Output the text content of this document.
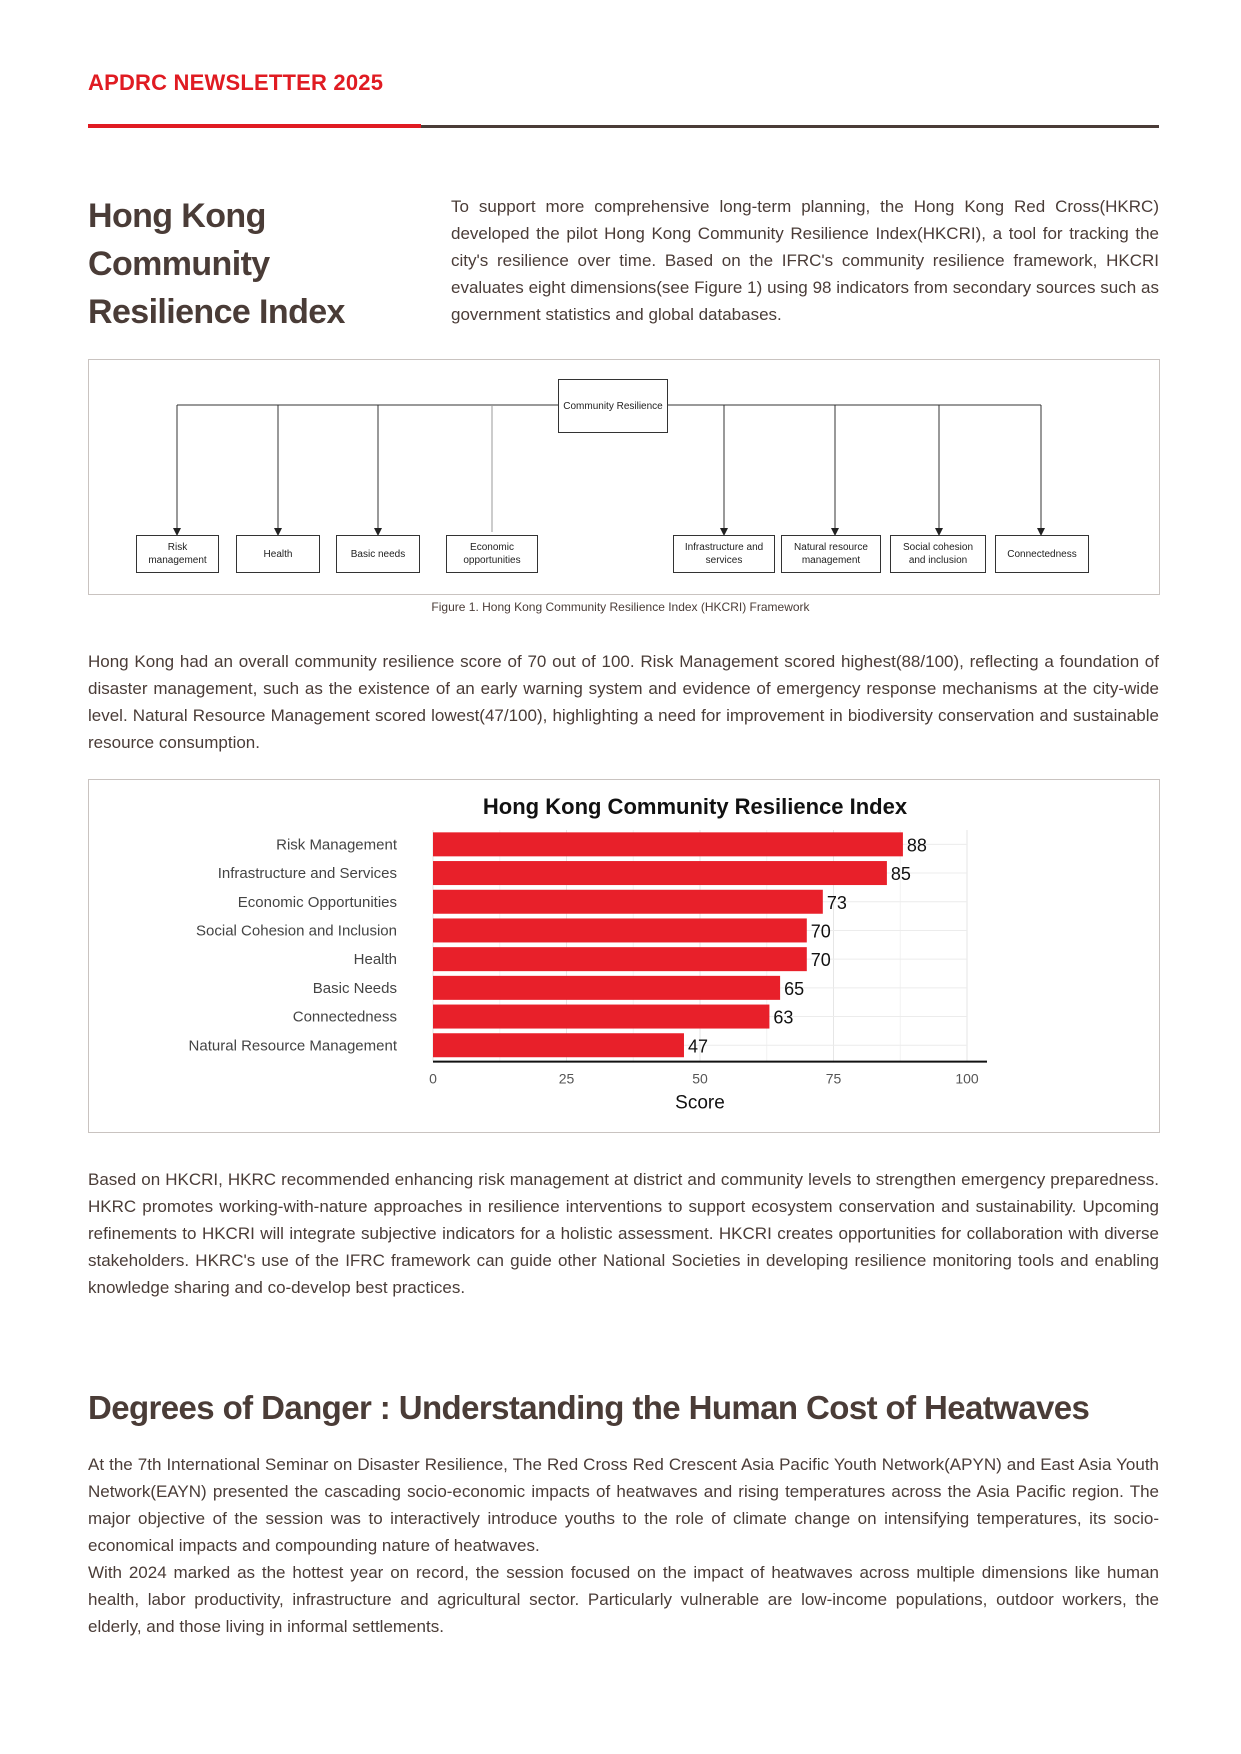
APDRC NEWSLETTER 2025
Hong Kong Community
Resilience Index

To support more comprehensive long-term planning, the Hong Kong Red Cross(HKRC) developed the pilot Hong Kong Community Resilience Index(HKCRI), a tool for tracking the city's resilience over time. Based on the IFRC's community resilience framework, HKCRI evaluates eight dimensions(see Figure 1) using 98 indicators from secondary sources such as government statistics and global databases.

Community Resilience
Risk management
Health	Basic needs
Economic opportunities
Infrastructure and services
Natural resource management
Social cohesion and inclusion
Connectedness
Figure 1. Hong Kong Community Resilience Index (HKCRI) Framework

Hong Kong had an overall community resilience score of 70 out of 100. Risk Management scored highest(88/100), reflecting a foundation of disaster management, such as the existence of an early warning system and evidence of emergency response mechanisms at the city-wide level. Natural Resource Management scored lowest(47/100), highlighting a need for improvement in biodiversity conservation and sustainable resource consumption.

Hong Kong Community Resilience Index
0	25	50	75	100
Risk Management	88
Infrastructure and Services	85
Economic Opportunities	73
Social Cohesion and Inclusion	70
Health	70
Basic Needs	65
Connectedness	63
Natural Resource Management	47
Score

Based on HKCRI, HKRC recommended enhancing risk management at district and community levels to strengthen emergency preparedness. HKRC promotes working-with-nature approaches in resilience interventions to support ecosystem conservation and sustainability. Upcoming refinements to HKCRI will integrate subjective indicators for a holistic assessment. HKCRI creates opportunities for collaboration with diverse stakeholders. HKRC's use of the IFRC framework can guide other National Societies in developing resilience monitoring tools and enabling knowledge sharing and co-develop best practices.

Degrees of Danger : Understanding the Human Cost of Heatwaves

At the 7th International Seminar on Disaster Resilience, The Red Cross Red Crescent Asia Pacific Youth Network(APYN) and East Asia Youth Network(EAYN) presented the cascading socio-economic impacts of heatwaves and rising temperatures across the Asia Pacific region. The major objective of the session was to interactively introduce youths to the role of climate change on intensifying temperatures, its socio-economical impacts and compounding nature of heatwaves.

With 2024 marked as the hottest year on record, the session focused on the impact of heatwaves across multiple dimensions like human health, labor productivity, infrastructure and agricultural sector. Particularly vulnerable are low-income populations, outdoor workers, the elderly, and those living in informal settlements.
